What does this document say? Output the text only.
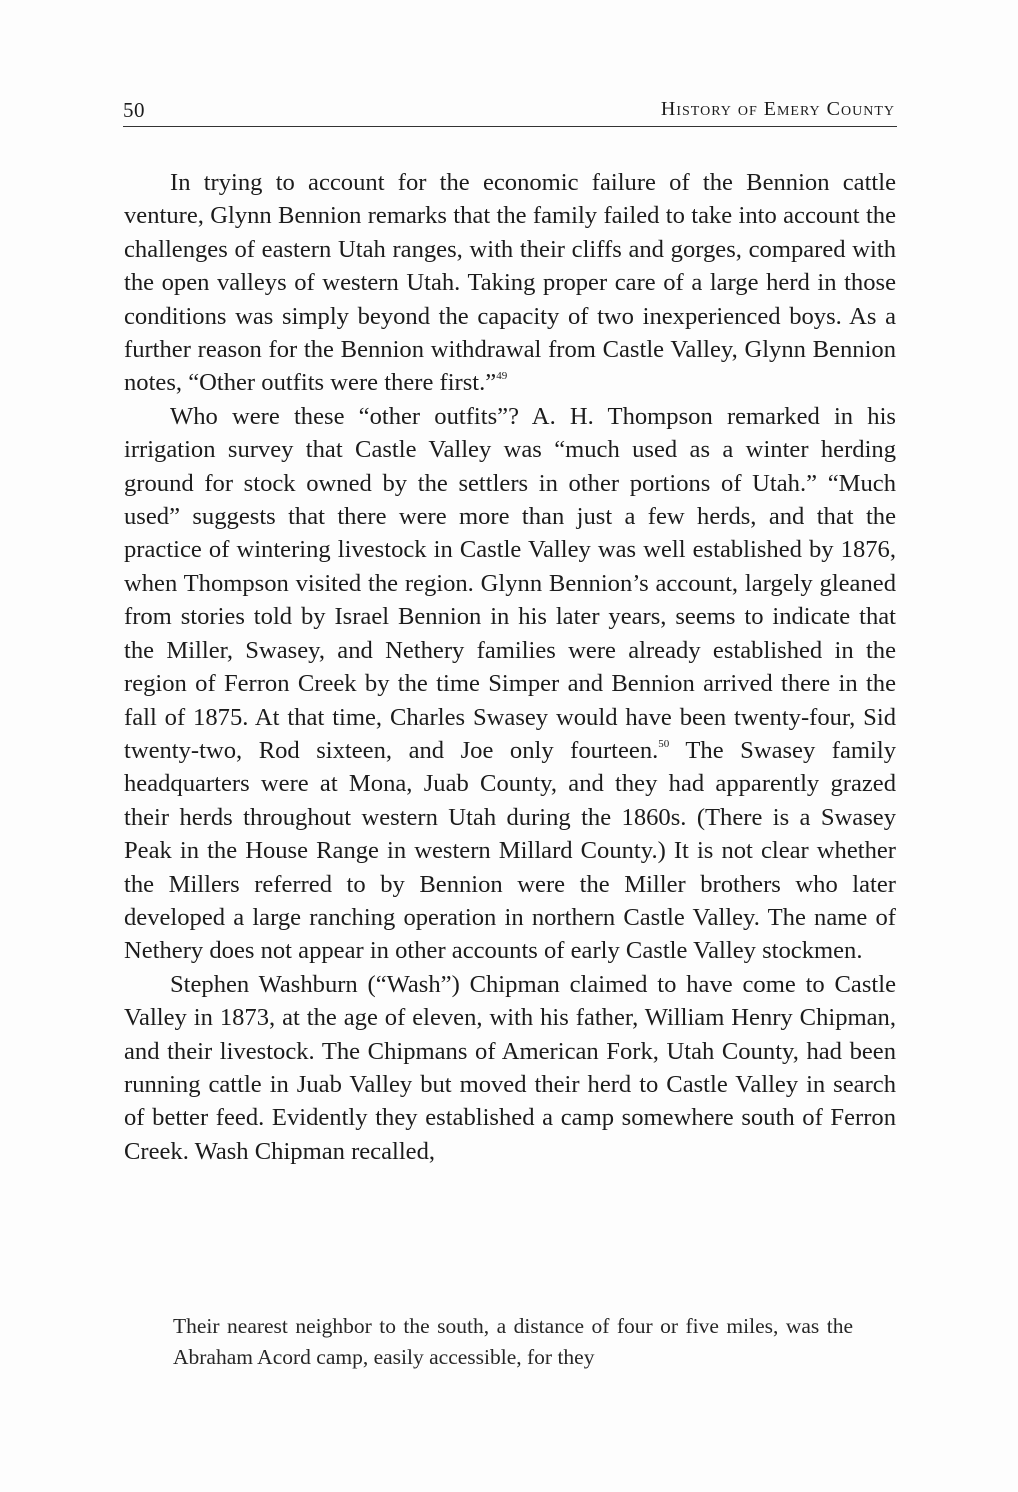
50	History of Emery County

In trying to account for the economic failure of the Bennion cattle venture, Glynn Bennion remarks that the family failed to take into account the challenges of eastern Utah ranges, with their cliffs and gorges, compared with the open valleys of western Utah. Taking proper care of a large herd in those conditions was simply beyond the capacity of two inexperienced boys. As a further reason for the Bennion withdrawal from Castle Valley, Glynn Bennion notes, “Other outfits were there first.”$^{49}$

Who were these “other outfits”? A. H. Thompson remarked in his irrigation survey that Castle Valley was “much used as a winter herding ground for stock owned by the settlers in other portions of Utah.” “Much used” suggests that there were more than just a few herds, and that the practice of wintering livestock in Castle Valley was well established by 1876, when Thompson visited the region. Glynn Bennion’s account, largely gleaned from stories told by Israel Bennion in his later years, seems to indicate that the Miller, Swasey, and Nethery families were already established in the region of Ferron Creek by the time Simper and Bennion arrived there in the fall of 1875. At that time, Charles Swasey would have been twenty-four, Sid twenty-two, Rod sixteen, and Joe only fourteen.$^{50}$ The Swasey family headquarters were at Mona, Juab County, and they had apparently grazed their herds throughout western Utah during the 1860s. (There is a Swasey Peak in the House Range in western Millard County.) It is not clear whether the Millers referred to by Bennion were the Miller brothers who later developed a large ranching operation in northern Castle Valley. The name of Nethery does not appear in other accounts of early Castle Valley stockmen.

Stephen Washburn (“Wash”) Chipman claimed to have come to Castle Valley in 1873, at the age of eleven, with his father, William Henry Chipman, and their livestock. The Chipmans of American Fork, Utah County, had been running cattle in Juab Valley but moved their herd to Castle Valley in search of better feed. Evidently they established a camp somewhere south of Ferron Creek. Wash Chipman recalled,

Their nearest neighbor to the south, a distance of four or five miles, was the Abraham Acord camp, easily accessible, for they
